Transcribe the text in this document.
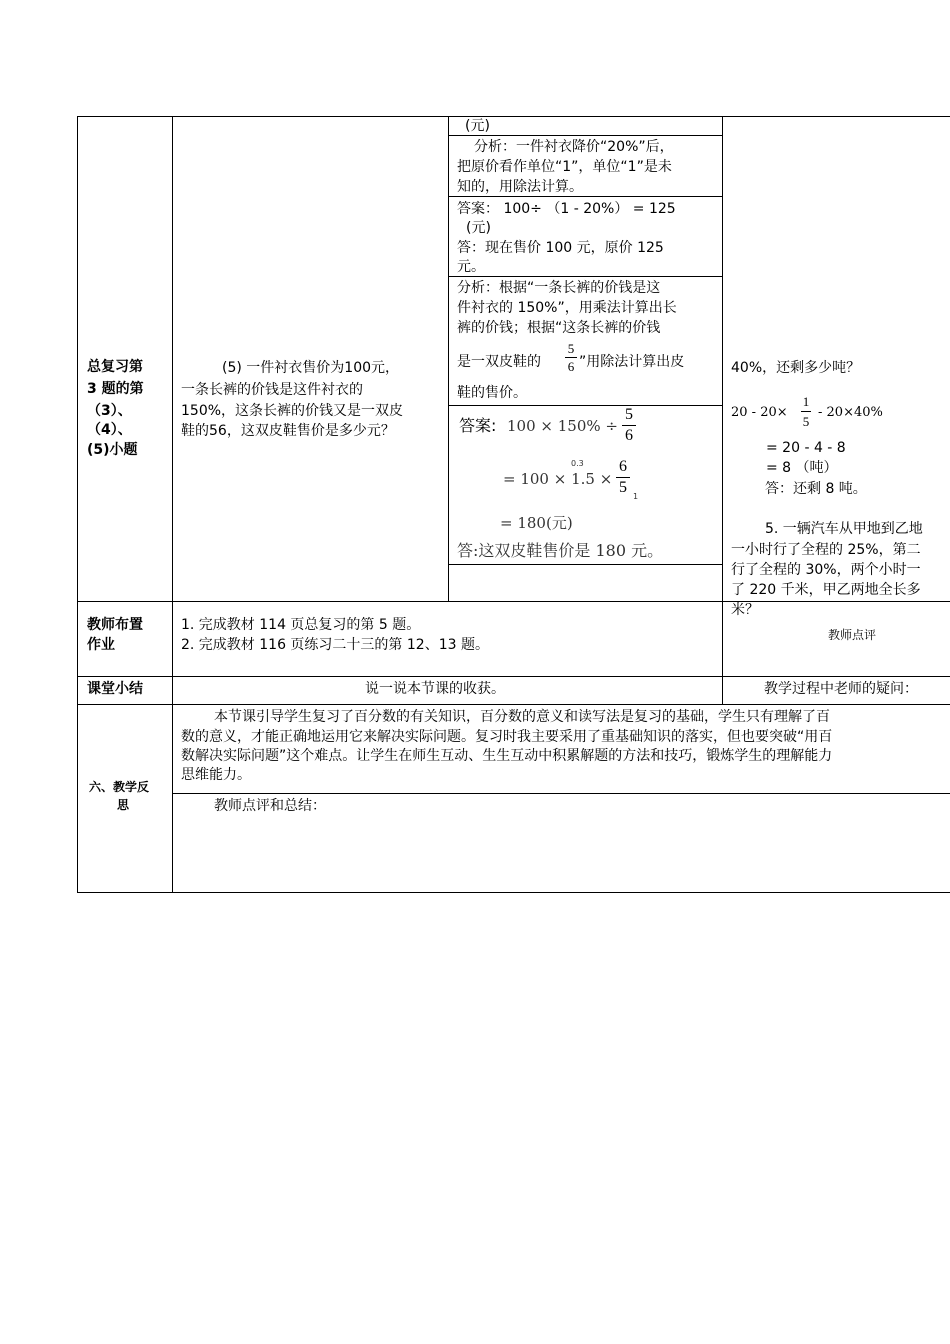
总复习第
3 题的第
（3）、
（4）、
(5)小题
(5) 一件衬衣售价为100元，
一条长裤的价钱是这件衬衣的
150%，这条长裤的价钱又是一双皮
鞋的56，这双皮鞋售价是多少元？
(元)
分析：一件衬衣降价“20%”后，
把原价看作单位“1”，单位“1”是未
知的，用除法计算。
答案： 100÷ （1 - 20%） = 125
(元)
答：现在售价 100 元，原价 125
元。
分析：根据“一条长裤的价钱是这
件衬衣的 150%”，用乘法计算出长
裤的价钱；根据“这条长裤的价钱
是一双皮鞋的
5
6 ”用除法计算出皮
鞋的售价。
答案: 100 × 150% ÷
5
6
= 100 × 1.5 ×
0.3 6
5
1
= 180(元)
答:这双皮鞋售价是 180 元。
40%，还剩多少吨？
20 - 20×
1
5
- 20×40%
= 20 - 4 - 8
= 8 （吨）
答：还剩 8 吨。
5. 一辆汽车从甲地到乙地
一小时行了全程的 25%，第二
行了全程的 30%，两个小时一
了 220 千米，甲乙两地全长多
米？
教师点评
教师布置
作业
1. 完成教材 114 页总复习的第 5 题。
2. 完成教材 116 页练习二十三的第 12、13 题。
课堂小结	说一说本节课的收获。	教学过程中老师的疑问：
六、教学反
思
本节课引导学生复习了百分数的有关知识，百分数的意义和读写法是复习的基础，学生只有理解了百
数的意义，才能正确地运用它来解决实际问题。复习时我主要采用了重基础知识的落实，但也要突破“用百
数解决实际问题”这个难点。让学生在师生互动、生生互动中积累解题的方法和技巧，锻炼学生的理解能力
思维能力。
教师点评和总结：
